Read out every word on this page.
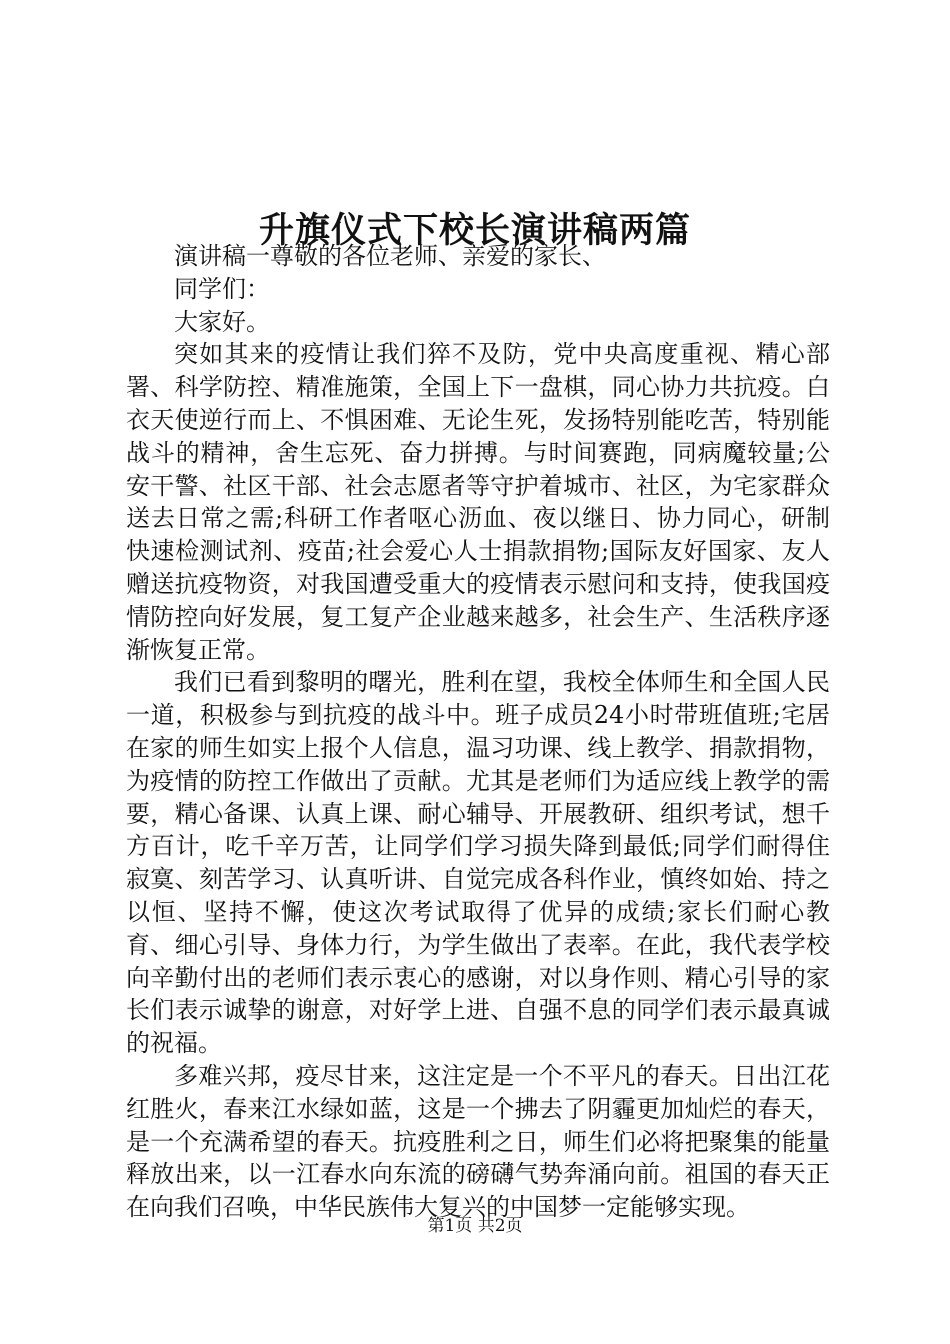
升旗仪式下校长演讲稿两篇

演讲稿一尊敬的各位老师、亲爱的家长、

同学们：

大家好。

突如其来的疫情让我们猝不及防，党中央高度重视、精心部署、科学防控、精准施策，全国上下一盘棋，同心协力共抗疫。白衣天使逆行而上、不惧困难、无论生死，发扬特别能吃苦，特别能战斗的精神，舍生忘死、奋力拼搏。与时间赛跑，同病魔较量;公安干警、社区干部、社会志愿者等守护着城市、社区，为宅家群众送去日常之需;科研工作者呕心沥血、夜以继日、协力同心，研制快速检测试剂、疫苗;社会爱心人士捐款捐物;国际友好国家、友人赠送抗疫物资，对我国遭受重大的疫情表示慰问和支持，使我国疫情防控向好发展，复工复产企业越来越多，社会生产、生活秩序逐渐恢复正常。

我们已看到黎明的曙光，胜利在望，我校全体师生和全国人民一道，积极参与到抗疫的战斗中。班子成员24小时带班值班;宅居在家的师生如实上报个人信息，温习功课、线上教学、捐款捐物，为疫情的防控工作做出了贡献。尤其是老师们为适应线上教学的需要，精心备课、认真上课、耐心辅导、开展教研、组织考试，想千方百计，吃千辛万苦，让同学们学习损失降到最低;同学们耐得住寂寞、刻苦学习、认真听讲、自觉完成各科作业，慎终如始、持之以恒、坚持不懈，使这次考试取得了优异的成绩;家长们耐心教育、细心引导、身体力行，为学生做出了表率。在此，我代表学校向辛勤付出的老师们表示衷心的感谢，对以身作则、精心引导的家长们表示诚挚的谢意，对好学上进、自强不息的同学们表示最真诚的祝福。

多难兴邦，疫尽甘来，这注定是一个不平凡的春天。日出江花红胜火，春来江水绿如蓝，这是一个拂去了阴霾更加灿烂的春天，是一个充满希望的春天。抗疫胜利之日，师生们必将把聚集的能量释放出来，以一江春水向东流的磅礴气势奔涌向前。祖国的春天正在向我们召唤，中华民族伟大复兴的中国梦一定能够实现。

第1页 共2页
